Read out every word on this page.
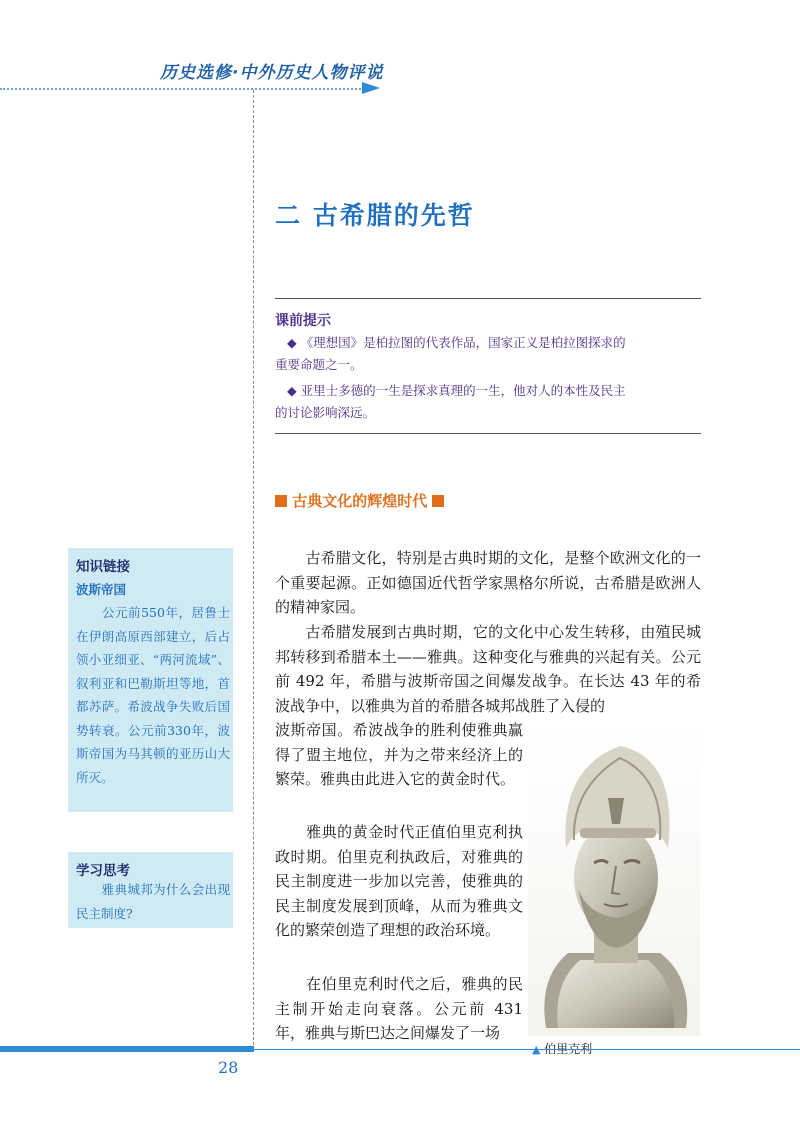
历史选修·中外历史人物评说
二 古希腊的先哲
课前提示
◆ 《理想国》是柏拉图的代表作品，国家正义是柏拉图探求的
重要命题之一。
◆ 亚里士多德的一生是探求真理的一生，他对人的本性及民主
的讨论影响深远。
古典文化的辉煌时代
知识链接
波斯帝国
　　公元前550年，居鲁士在伊朗高原西部建立，后占领小亚细亚、“两河流域”、叙利亚和巴勒斯坦等地，首都苏萨。希波战争失败后国势转衰。公元前330年，波斯帝国为马其顿的亚历山大所灭。
学习思考
　　雅典城邦为什么会出现民主制度?
　　古希腊文化，特别是古典时期的文化，是整个欧洲文化的一个重要起源。正如德国近代哲学家黑格尔所说，古希腊是欧洲人的精神家园。
　　古希腊发展到古典时期，它的文化中心发生转移，由殖民城邦转移到希腊本土——雅典。这种变化与雅典的兴起有关。公元前 492 年，希腊与波斯帝国之间爆发战争。在长达 43 年的希波战争中，以雅典为首的希腊各城邦战胜了入侵的
波斯帝国。希波战争的胜利使雅典赢得了盟主地位，并为之带来经济上的繁荣。雅典由此进入它的黄金时代。
　　雅典的黄金时代正值伯里克利执政时期。伯里克利执政后，对雅典的民主制度进一步加以完善，使雅典的民主制度发展到顶峰，从而为雅典文化的繁荣创造了理想的政治环境。
　　在伯里克利时代之后，雅典的民主制开始走向衰落。公元前 431 年，雅典与斯巴达之间爆发了一场
▲ 伯里克利
28
